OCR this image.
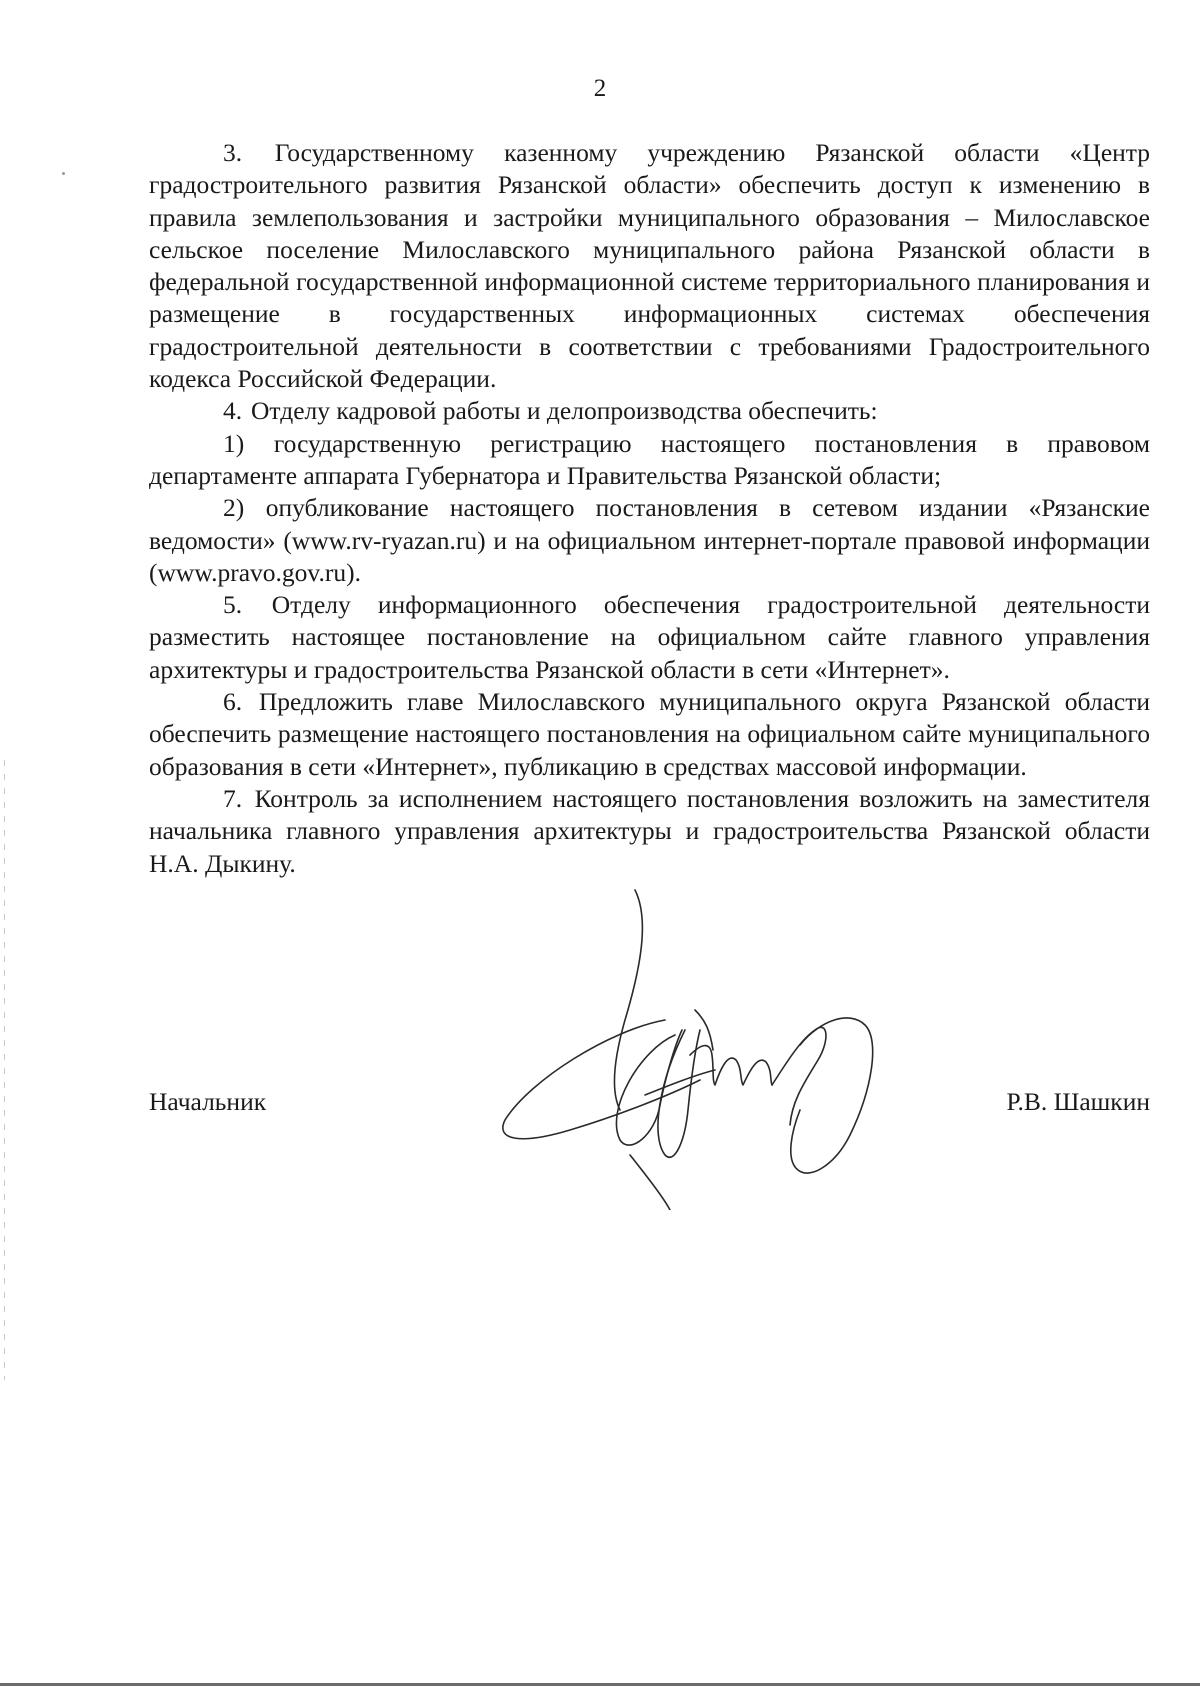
2

3.	Государственному казенному учреждению Рязанской области «Центр градостроительного развития Рязанской области» обеспечить доступ к изменению в правила землепользования и застройки муниципального образования – Милославское сельское поселение Милославского муниципального района Рязанской области в федеральной государственной информационной системе территориального планирования и размещение в государственных информационных системах обеспечения градостроительной деятельности в соответствии с требованиями Градостроительного кодекса Российской Федерации.

4.	Отделу кадровой работы и делопроизводства обеспечить:

1)	государственную регистрацию настоящего постановления в правовом департаменте аппарата Губернатора и Правительства Рязанской области;

2)	опубликование настоящего постановления в сетевом издании «Рязанские ведомости» (www.rv-ryazan.ru) и на официальном интернет-портале правовой информации (www.pravo.gov.ru).

5.	Отделу информационного обеспечения градостроительной деятельности разместить настоящее постановление на официальном сайте главного управления архитектуры и градостроительства Рязанской области в сети «Интернет».

6.	Предложить главе Милославского муниципального округа Рязанской области обеспечить размещение настоящего постановления на официальном сайте муниципального образования в сети «Интернет», публикацию в средствах массовой информации.

7.	Контроль за исполнением настоящего постановления возложить на заместителя начальника главного управления архитектуры и градостроительства Рязанской области Н.А. Дыкину.

Начальник	Р.В. Шашкин
